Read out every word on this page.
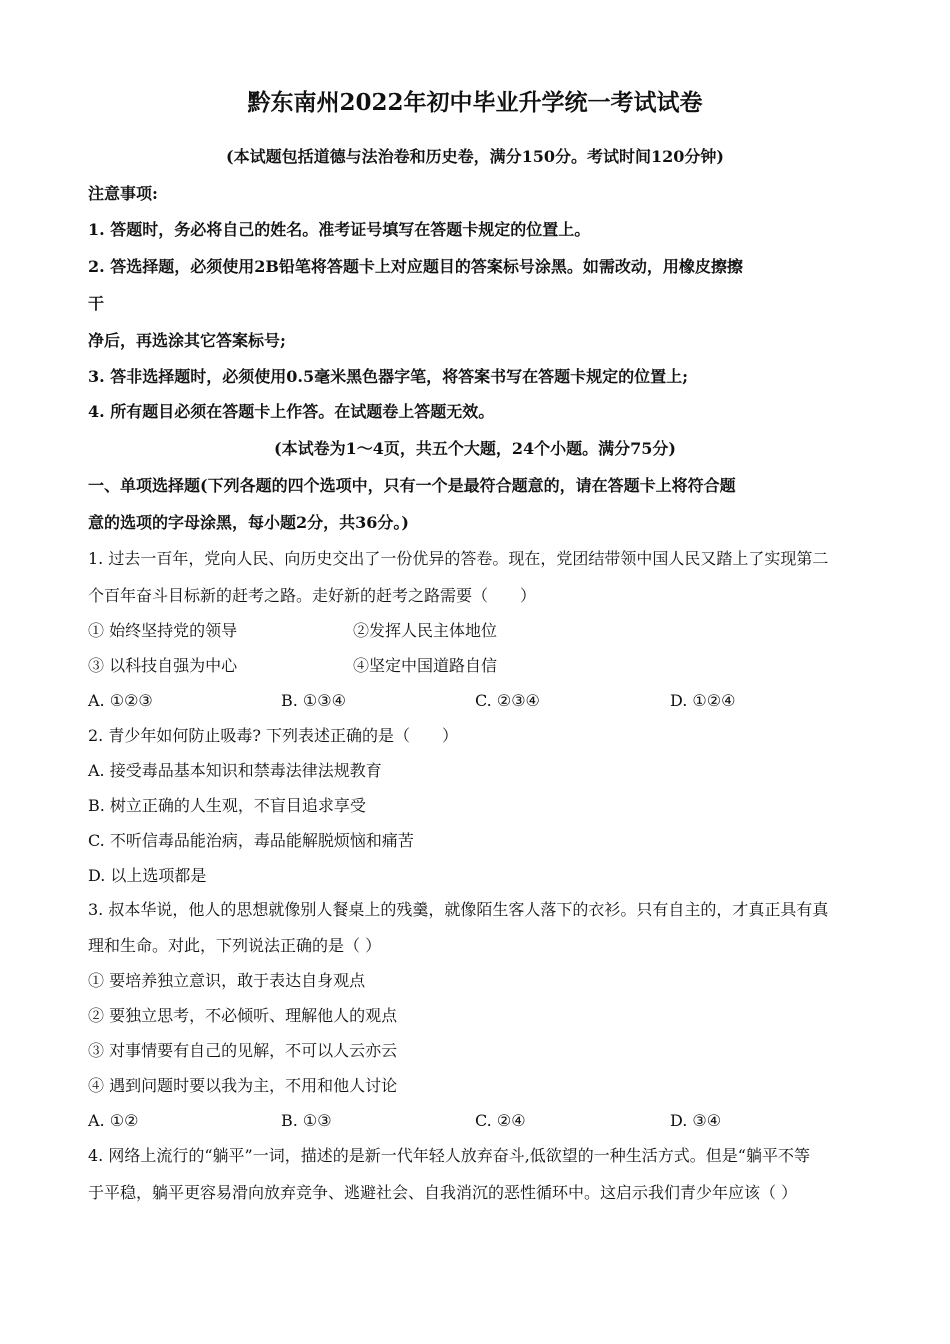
黔东南州2022年初中毕业升学统一考试试卷
(本试题包括道德与法治卷和历史卷，满分150分。考试时间120分钟)
注意事项:
1. 答题时，务必将自己的姓名。准考证号填写在答题卡规定的位置上。
2. 答选择题，必须使用2B铅笔将答题卡上对应题目的答案标号涂黑。如需改动，用橡皮擦擦
干
净后，再选涂其它答案标号;
3. 答非选择题时，必须使用0.5毫米黑色器字笔，将答案书写在答题卡规定的位置上;
4. 所有题目必须在答题卡上作答。在试题卷上答题无效。
(本试卷为1～4页，共五个大题，24个小题。满分75分)
一、单项选择题(下列各题的四个选项中，只有一个是最符合题意的，请在答题卡上将符合题
意的选项的字母涂黑，每小题2分，共36分。)
1. 过去一百年，党向人民、向历史交出了一份优异的答卷。现在，党团结带领中国人民又踏上了实现第二
个百年奋斗目标新的赶考之路。走好新的赶考之路需要（　　）
① 始终坚持党的领导	②发挥人民主体地位
③ 以科技自强为中心	④坚定中国道路自信
A. ①②③	B. ①③④	C. ②③④	D. ①②④
2. 青少年如何防止吸毒? 下列表述正确的是（　　）
A. 接受毒品基本知识和禁毒法律法规教育
B. 树立正确的人生观，不盲目追求享受
C. 不听信毒品能治病，毒品能解脱烦恼和痛苦
D. 以上选项都是
3. 叔本华说，他人的思想就像别人餐桌上的残羹，就像陌生客人落下的衣衫。只有自主的，才真正具有真
理和生命。对此，下列说法正确的是（ ）
① 要培养独立意识，敢于表达自身观点
② 要独立思考，不必倾听、理解他人的观点
③ 对事情要有自己的见解，不可以人云亦云
④ 遇到问题时要以我为主，不用和他人讨论
A. ①②	B. ①③	C. ②④	D. ③④
4. 网络上流行的“躺平”一词，描述的是新一代年轻人放弃奋斗,低欲望的一种生活方式。但是“躺平不等
于平稳，躺平更容易滑向放弃竞争、逃避社会、自我消沉的恶性循环中。这启示我们青少年应该（ ）
